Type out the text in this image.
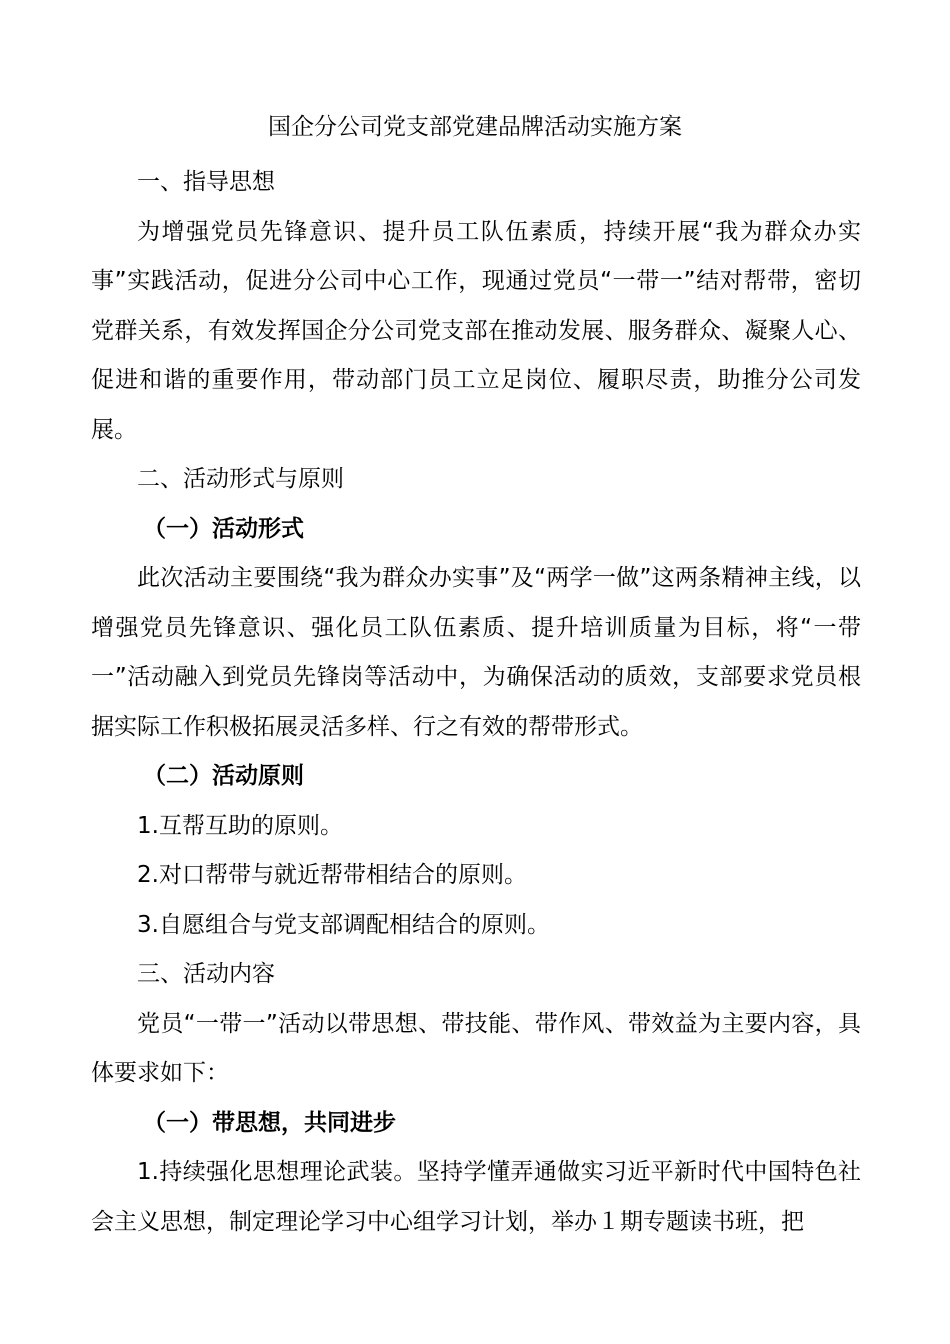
国企分公司党支部党建品牌活动实施方案

一、指导思想

为增强党员先锋意识、提升员工队伍素质，持续开展“我为群众办实事”实践活动，促进分公司中心工作，现通过党员“一带一”结对帮带，密切党群关系，有效发挥国企分公司党支部在推动发展、服务群众、凝聚人心、促进和谐的重要作用，带动部门员工立足岗位、履职尽责，助推分公司发展。

二、活动形式与原则

（一）活动形式

此次活动主要围绕“我为群众办实事”及“两学一做”这两条精神主线，以增强党员先锋意识、强化员工队伍素质、提升培训质量为目标，将“一带一”活动融入到党员先锋岗等活动中，为确保活动的质效，支部要求党员根据实际工作积极拓展灵活多样、行之有效的帮带形式。

（二）活动原则

1.互帮互助的原则。

2.对口帮带与就近帮带相结合的原则。

3.自愿组合与党支部调配相结合的原则。

三、活动内容

党员“一带一”活动以带思想、带技能、带作风、带效益为主要内容，具体要求如下：

（一）带思想，共同进步

1.持续强化思想理论武装。坚持学懂弄通做实习近平新时代中国特色社会主义思想，制定理论学习中心组学习计划，举办１期专题读书班，把
